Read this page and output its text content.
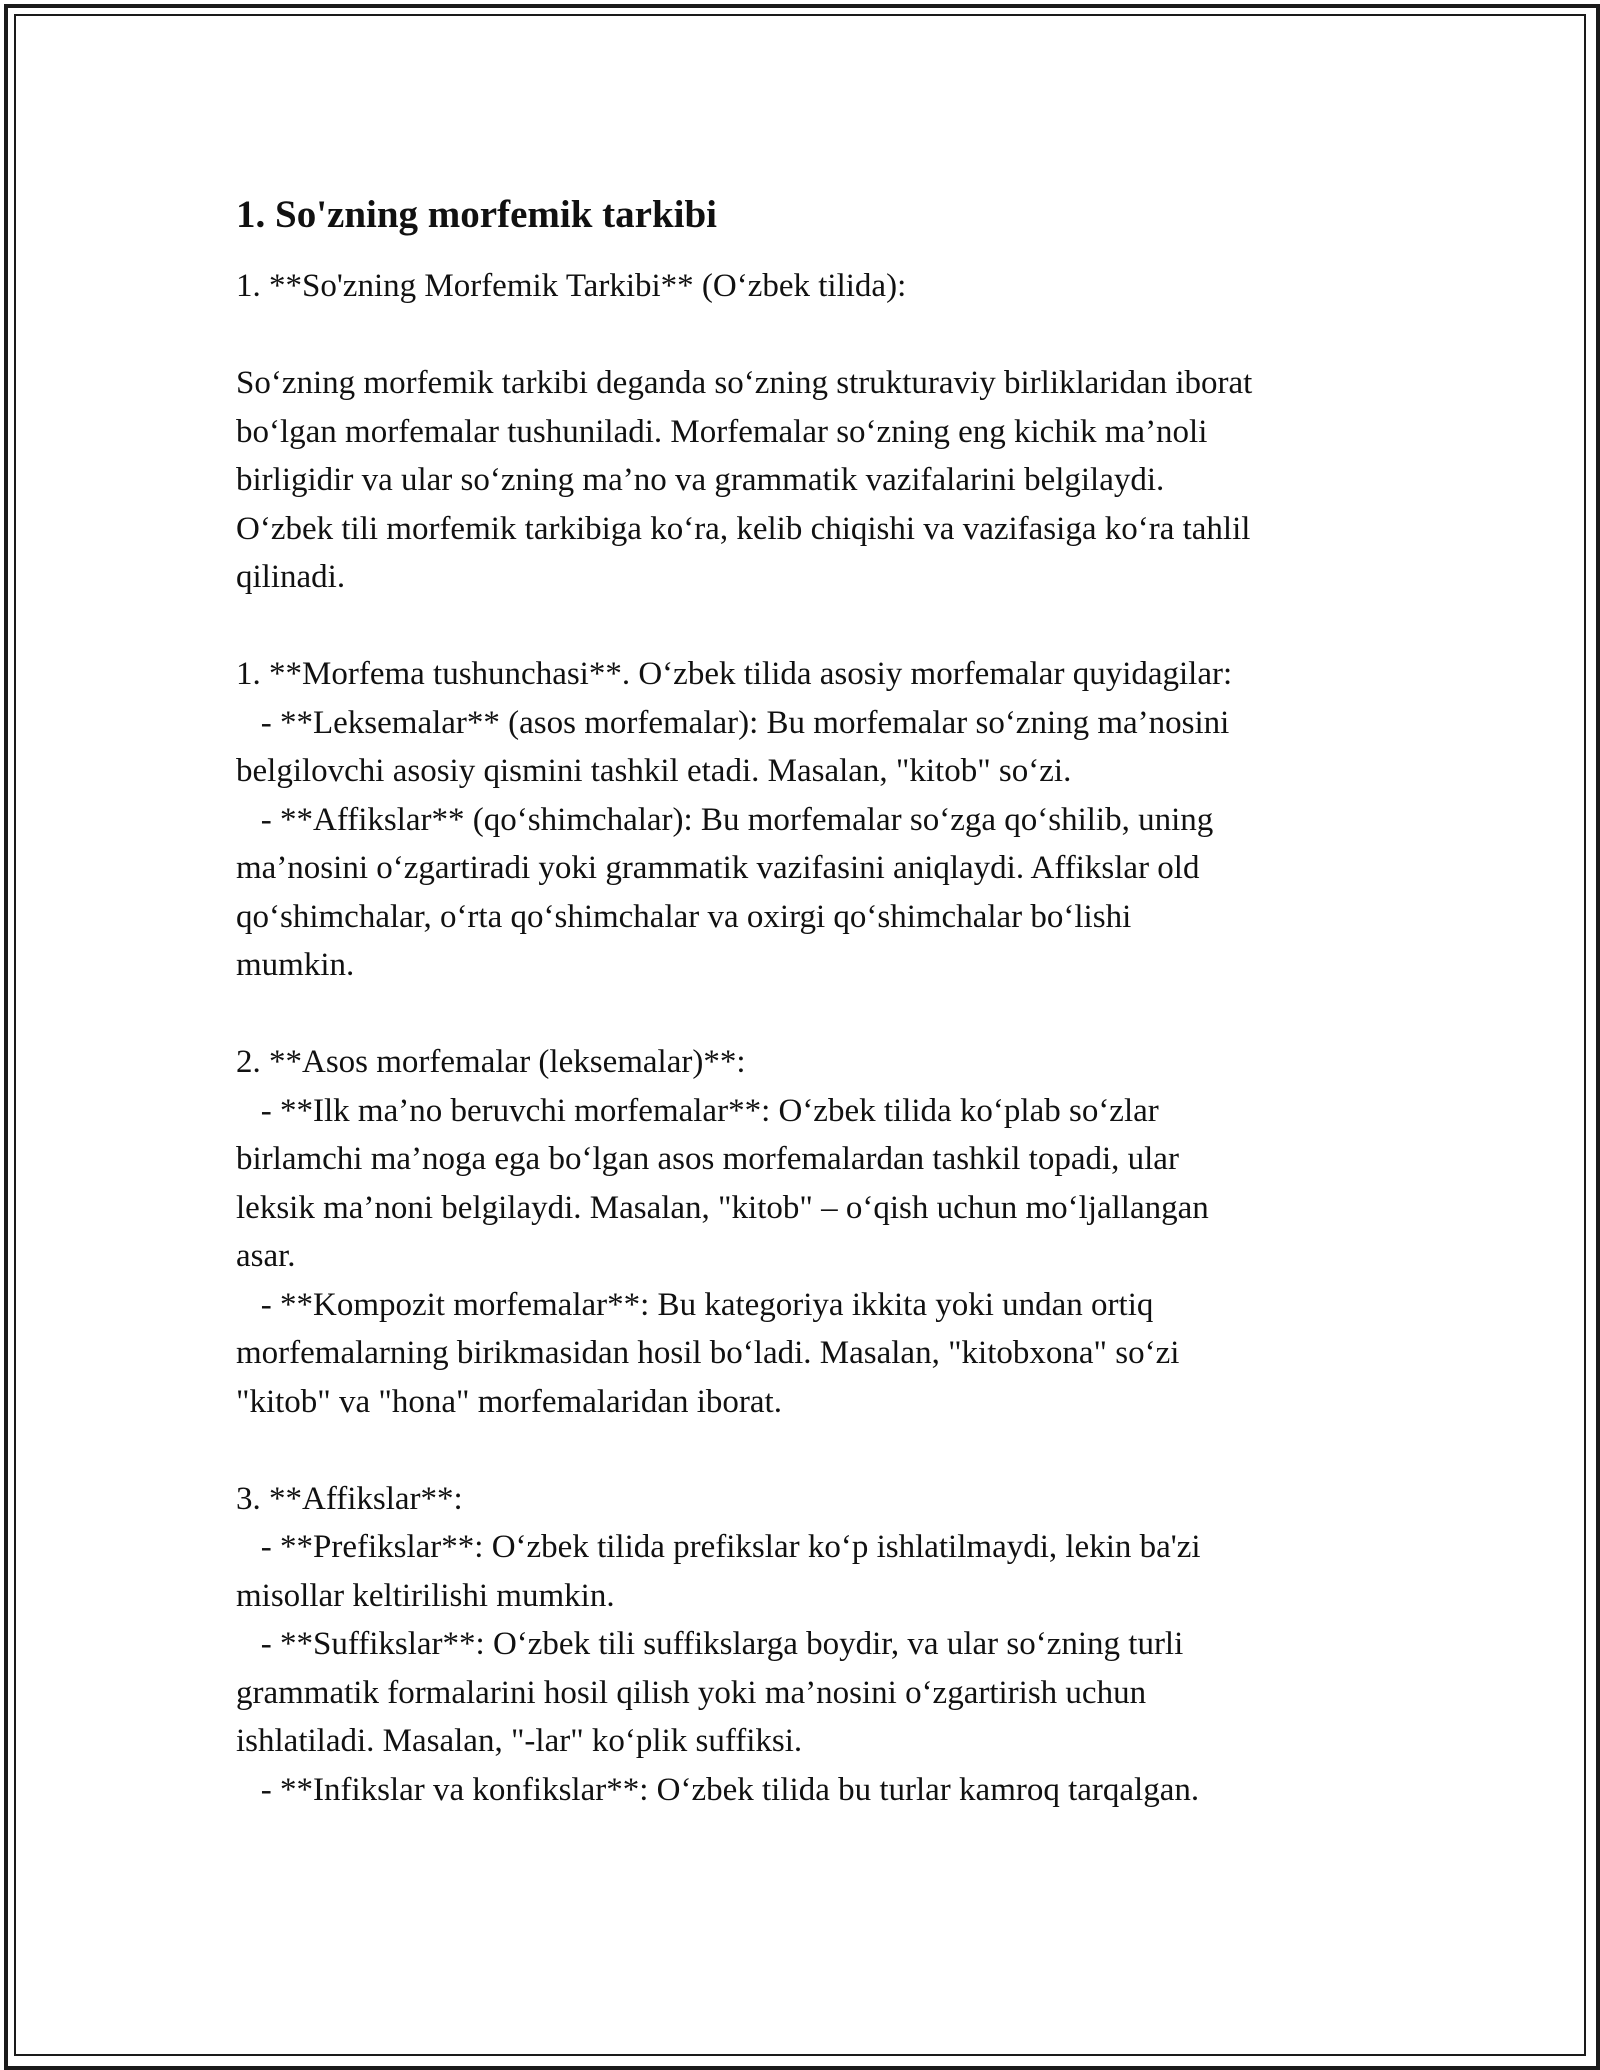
1. So'zning morfemik tarkibi

1. **So'zning Morfemik Tarkibi** (O‘zbek tilida):

So‘zning morfemik tarkibi deganda so‘zning strukturaviy birliklaridan iborat

bo‘lgan morfemalar tushuniladi. Morfemalar so‘zning eng kichik ma’noli

birligidir va ular so‘zning ma’no va grammatik vazifalarini belgilaydi.

O‘zbek tili morfemik tarkibiga ko‘ra, kelib chiqishi va vazifasiga ko‘ra tahlil

qilinadi.

1. **Morfema tushunchasi**. O‘zbek tilida asosiy morfemalar quyidagilar:

- **Leksemalar** (asos morfemalar): Bu morfemalar so‘zning ma’nosini

belgilovchi asosiy qismini tashkil etadi. Masalan, "kitob" so‘zi.

- **Affikslar** (qo‘shimchalar): Bu morfemalar so‘zga qo‘shilib, uning

ma’nosini o‘zgartiradi yoki grammatik vazifasini aniqlaydi. Affikslar old

qo‘shimchalar, o‘rta qo‘shimchalar va oxirgi qo‘shimchalar bo‘lishi

mumkin.

2. **Asos morfemalar (leksemalar)**:

- **Ilk ma’no beruvchi morfemalar**: O‘zbek tilida ko‘plab so‘zlar

birlamchi ma’noga ega bo‘lgan asos morfemalardan tashkil topadi, ular

leksik ma’noni belgilaydi. Masalan, "kitob" – o‘qish uchun mo‘ljallangan

asar.

- **Kompozit morfemalar**: Bu kategoriya ikkita yoki undan ortiq

morfemalarning birikmasidan hosil bo‘ladi. Masalan, "kitobxona" so‘zi

"kitob" va "hona" morfemalaridan iborat.

3. **Affikslar**:

- **Prefikslar**: O‘zbek tilida prefikslar ko‘p ishlatilmaydi, lekin ba'zi

misollar keltirilishi mumkin.

- **Suffikslar**: O‘zbek tili suffikslarga boydir, va ular so‘zning turli

grammatik formalarini hosil qilish yoki ma’nosini o‘zgartirish uchun

ishlatiladi. Masalan, "-lar" ko‘plik suffiksi.

- **Infikslar va konfikslar**: O‘zbek tilida bu turlar kamroq tarqalgan.
